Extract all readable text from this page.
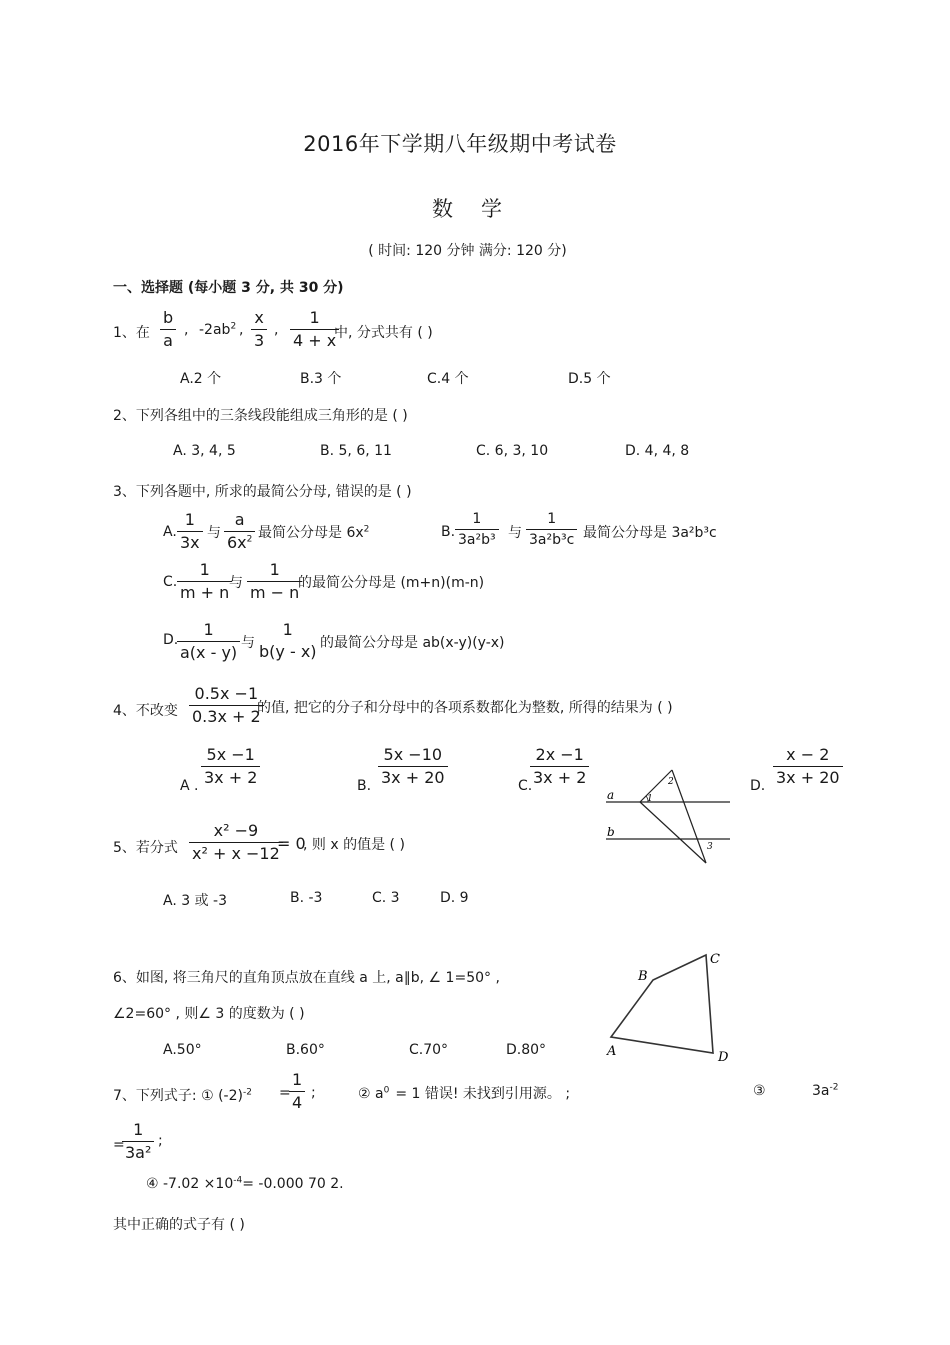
2016年下学期八年级期中考试卷
数学
( 时间: 120 分钟 满分: 120 分)
一、选择题 (每小题 3 分, 共 30 分)
1、在 $\frac{b}{a}$ , $-2ab^2$ , $\frac{x}{3}$ , $\frac{1}{4 + x}$
中, 分式共有 ( )
A.2 个	B.3 个	C.4 个	D.5 个
2、下列各组中的三条线段能组成三角形的是 ( )
A. 3, 4, 5	B. 5, 6, 11	C. 6, 3, 10	D. 4, 4, 8
3、下列各题中, 所求的最简公分母, 错误的是 ( )
A. $\frac{1}{3x}$ 与 $\frac{a}{6x^2}$ 最简公分母是 $6x^2$	B. $\frac{1}{\text{3a²b³}}$ 与 $\frac{1}{\text{3a²b³c}}$ 最简公分母是 3a²b³c
C. $\frac{1}{m + n}$
与 $\frac{1}{m - n}$
的最简公分母是 (m+n)(m-n)
D.
$\frac{1}{a(x - y)}$ 与
1
b(y - x) 的最简公分母是 ab(x-y)(y-x)
4、不改变 $\frac{0.5x -1}{0.3x + 2}$
的值, 把它的分子和分母中的各项系数都化为整数, 所得的结果为 ( )
A . $\frac{5x -1}{3x + 2}$	B. $\frac{5x -10}{3x + 20}$	C.
$\frac{2x -1}{3x + 2}$	D. $\frac{x - 2}{3x + 20}$
a
b
1
2
3
5、若分式 $\frac{\text{x² −9}}{\text{x² + x −12}}$
= 0
, 则 x 的值是 ( )
A. 3 或 -3	B. -3	C. 3	D. 9
6、如图, 将三角尺的直角顶点放在直线 a 上, a∥b, ∠ 1=50° ,
∠2=60° , 则∠ 3 的度数为 ( )
A.50°	B.60°	C.70°	D.80°	A
B
C
D
7、下列式子: ① $(-2)^{-2}$ =
$\frac{1}{4}$ ;	② $a^0 = 1$ 错误! 未找到引用源。 ;	③	$3a^{-2}$
=
$\frac{1}{\text{3a²}}$ ;
④ $-7.02 \times 10^{-4}= -0.000$ 70 2.
其中正确的式子有 ( )
